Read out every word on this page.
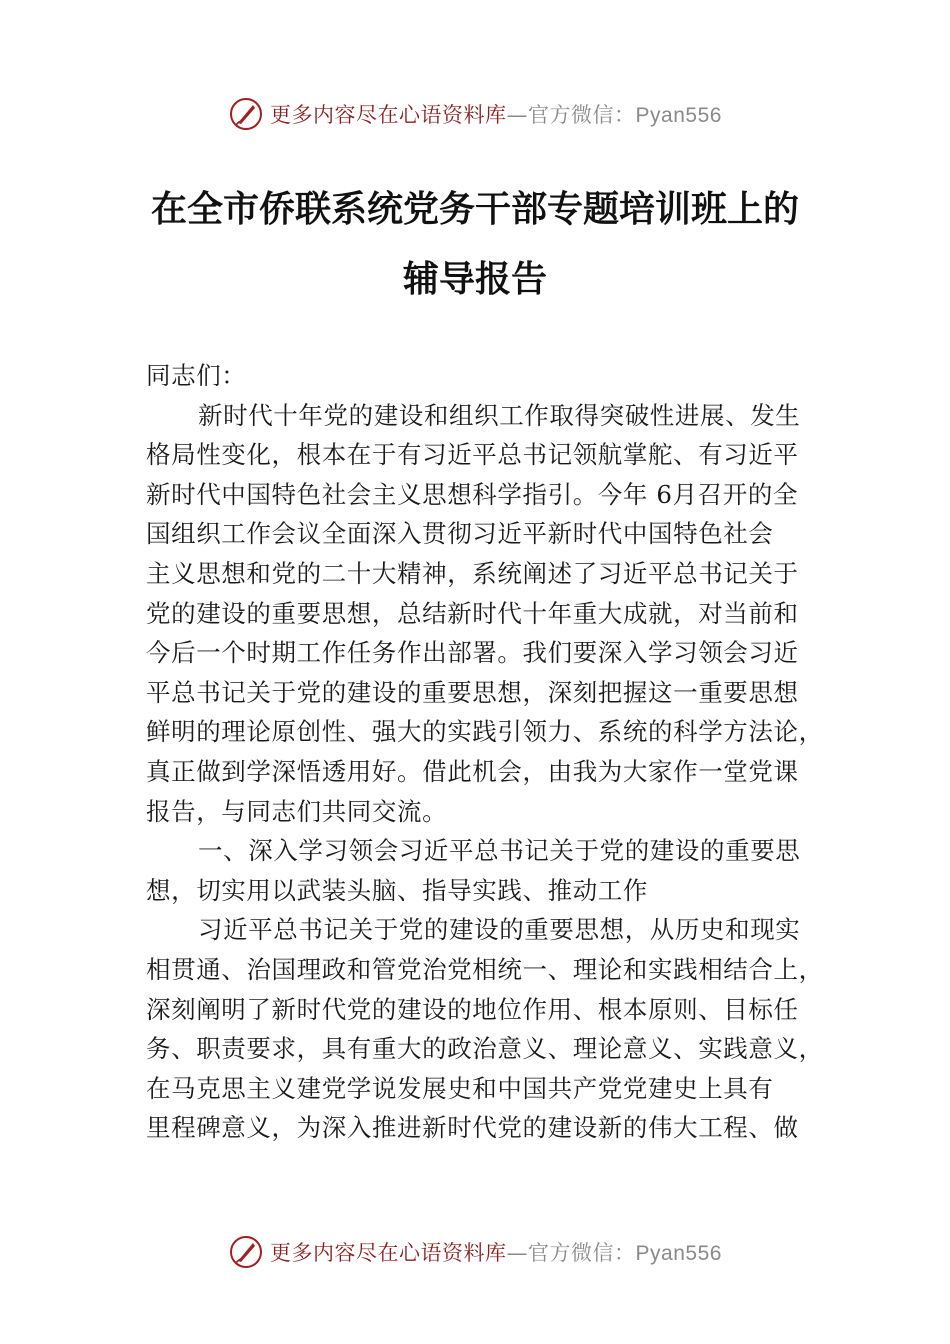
更多内容尽在心语资料库—官方微信：Pyan556
在全市侨联系统党务干部专题培训班上的
辅导报告

同志们：

新时代十年党的建设和组织工作取得突破性进展、发生
格局性变化，根本在于有习近平总书记领航掌舵、有习近平
新时代中国特色社会主义思想科学指引。今年 6月召开的全
国组织工作会议全面深入贯彻习近平新时代中国特色社会
主义思想和党的二十大精神，系统阐述了习近平总书记关于
党的建设的重要思想，总结新时代十年重大成就，对当前和
今后一个时期工作任务作出部署。我们要深入学习领会习近
平总书记关于党的建设的重要思想，深刻把握这一重要思想
鲜明的理论原创性、强大的实践引领力、系统的科学方法论，
真正做到学深悟透用好。借此机会，由我为大家作一堂党课
报告，与同志们共同交流。

一、深入学习领会习近平总书记关于党的建设的重要思
想，切实用以武装头脑、指导实践、推动工作

习近平总书记关于党的建设的重要思想，从历史和现实
相贯通、治国理政和管党治党相统一、理论和实践相结合上，
深刻阐明了新时代党的建设的地位作用、根本原则、目标任
务、职责要求，具有重大的政治意义、理论意义、实践意义，
在马克思主义建党学说发展史和中国共产党党建史上具有
里程碑意义，为深入推进新时代党的建设新的伟大工程、做

更多内容尽在心语资料库—官方微信：Pyan556
